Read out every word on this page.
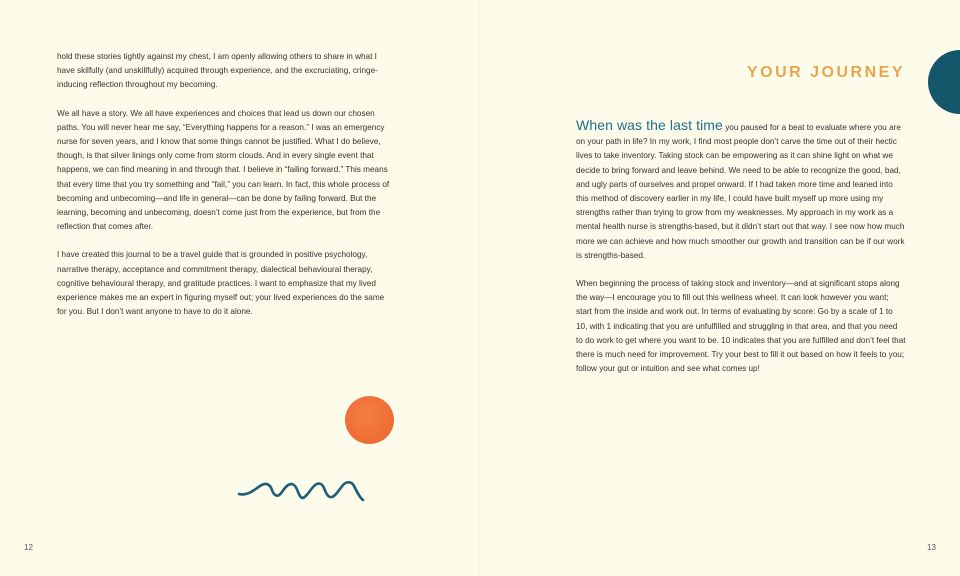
hold these stories tightly against my chest, I am openly allowing others to share in what I have skilfully (and unskillfully) acquired through experience, and the excruciating, cringe-inducing reflection throughout my becoming.

We all have a story. We all have experiences and choices that lead us down our chosen paths. You will never hear me say, “Everything happens for a reason.” I was an emergency nurse for seven years, and I know that some things cannot be justified. What I do believe, though, is that silver linings only come from storm clouds. And in every single event that happens, we can find meaning in and through that. I believe in “failing forward.” This means that every time that you try something and “fail,” you can learn. In fact, this whole process of becoming and unbecoming—and life in general—can be done by failing forward. But the learning, becoming and unbecoming, doesn’t come just from the experience, but from the reflection that comes after.

I have created this journal to be a travel guide that is grounded in positive psychology, narrative therapy, acceptance and commitment therapy, dialectical behavioural therapy, cognitive behavioural therapy, and gratitude practices. I want to emphasize that my lived experience makes me an expert in figuring myself out; your lived experiences do the same for you. But I don’t want anyone to have to do it alone.

12

YOUR JOURNEY

When was the last time you paused for a beat to evaluate where you are on your path in life? In my work, I find most people don’t carve the time out of their hectic lives to take inventory. Taking stock can be empowering as it can shine light on what we decide to bring forward and leave behind. We need to be able to recognize the good, bad, and ugly parts of ourselves and propel onward. If I had taken more time and leaned into this method of discovery earlier in my life, I could have built myself up more using my strengths rather than trying to grow from my weaknesses. My approach in my work as a mental health nurse is strengths-based, but it didn’t start out that way. I see now how much more we can achieve and how much smoother our growth and transition can be if our work is strengths-based.

When beginning the process of taking stock and inventory—and at significant stops along the way—I encourage you to fill out this wellness wheel. It can look however you want; start from the inside and work out. In terms of evaluating by score: Go by a scale of 1 to 10, with 1 indicating that you are unfulfilled and struggling in that area, and that you need to do work to get where you want to be. 10 indicates that you are fulfilled and don’t feel that there is much need for improvement. Try your best to fill it out based on how it feels to you; follow your gut or intuition and see what comes up!

13
